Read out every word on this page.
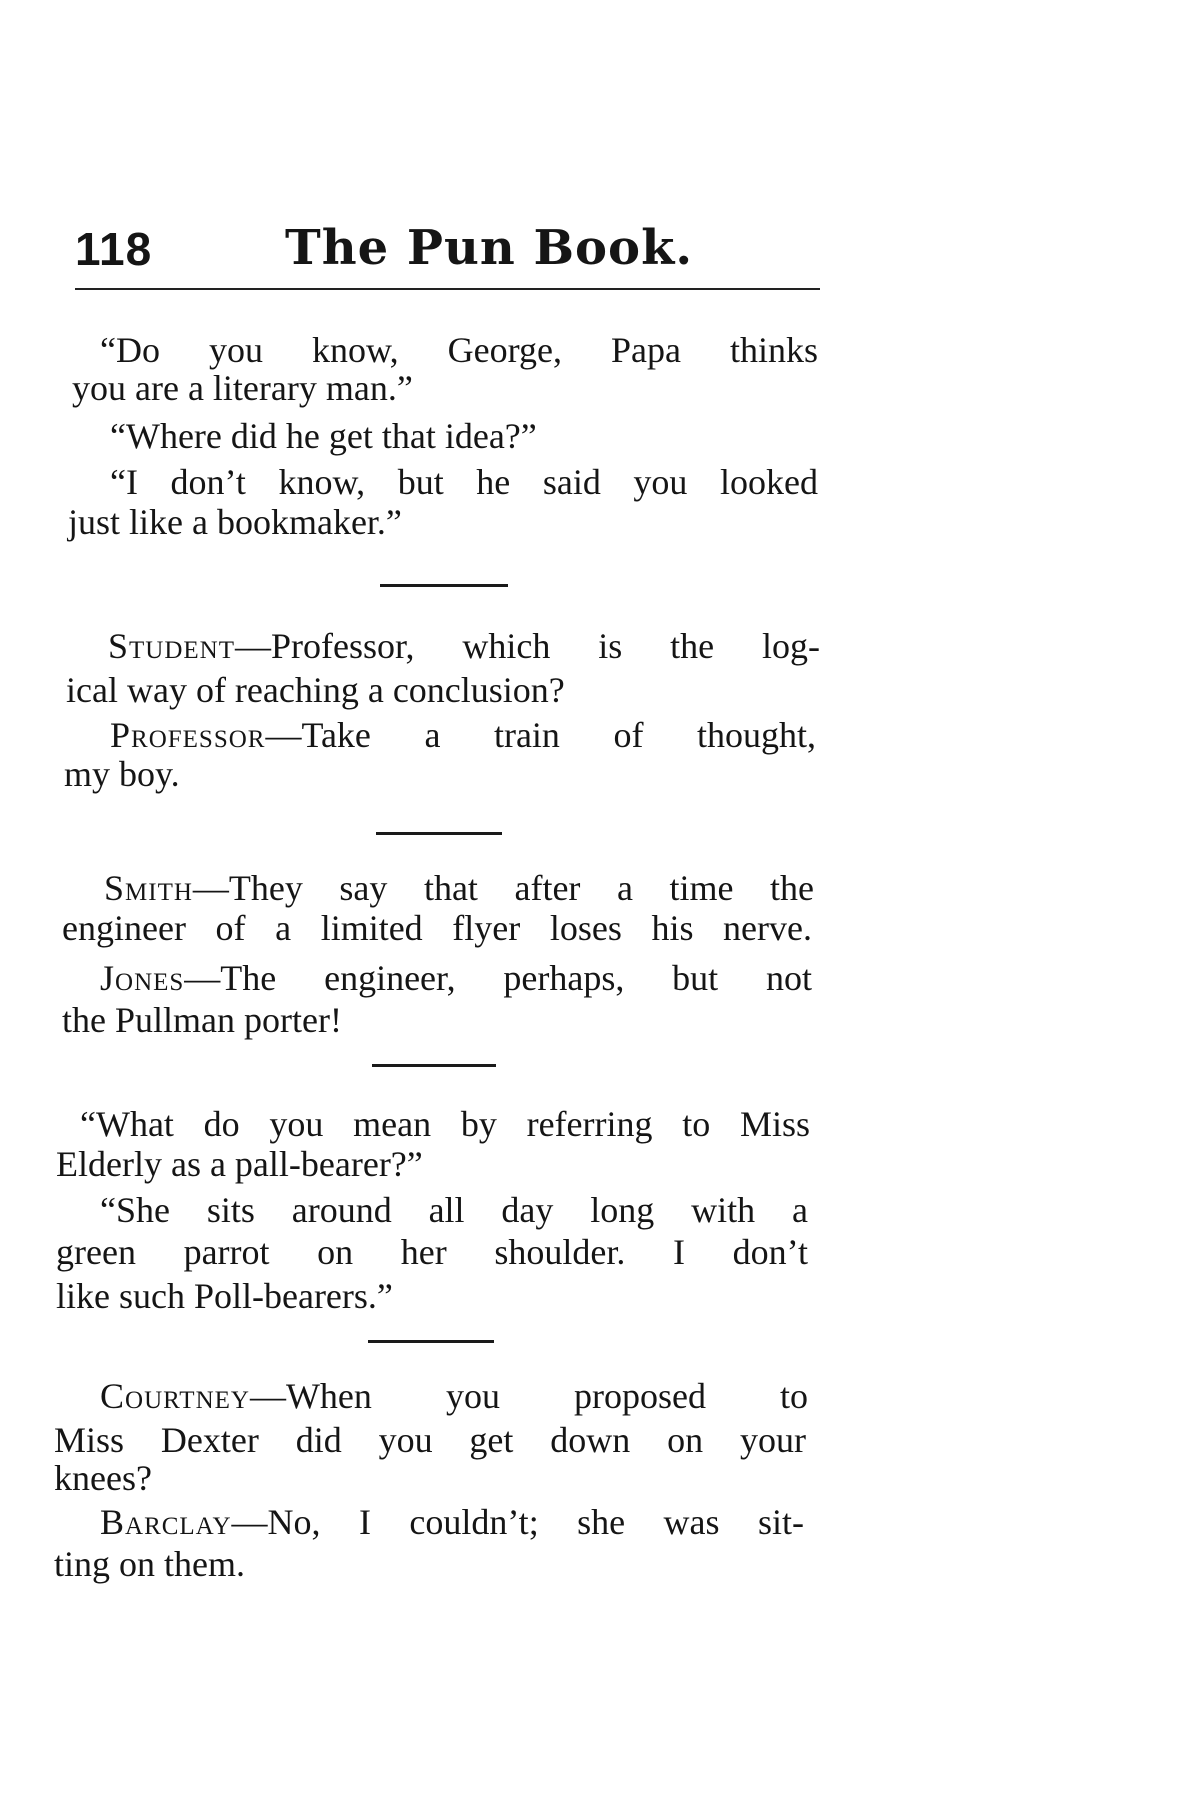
118	The Pun Book.
“Do you know, George, Papa thinks
you are a literary man.”
“Where did he get that idea?”
“I don’t know, but he said you looked
just like a bookmaker.”
Student—Professor, which is the log-
ical way of reaching a conclusion?
Professor—Take a train of thought,
my boy.
Smith—They say that after a time the
engineer of a limited flyer loses his nerve.
Jones—The engineer, perhaps, but not
the Pullman porter!
“What do you mean by referring to Miss
Elderly as a pall-bearer?”
“She sits around all day long with a
green parrot on her shoulder. I don’t
like such Poll-bearers.”
Courtney—When you proposed to
Miss Dexter did you get down on your
knees?
Barclay—No, I couldn’t; she was sit-
ting on them.
